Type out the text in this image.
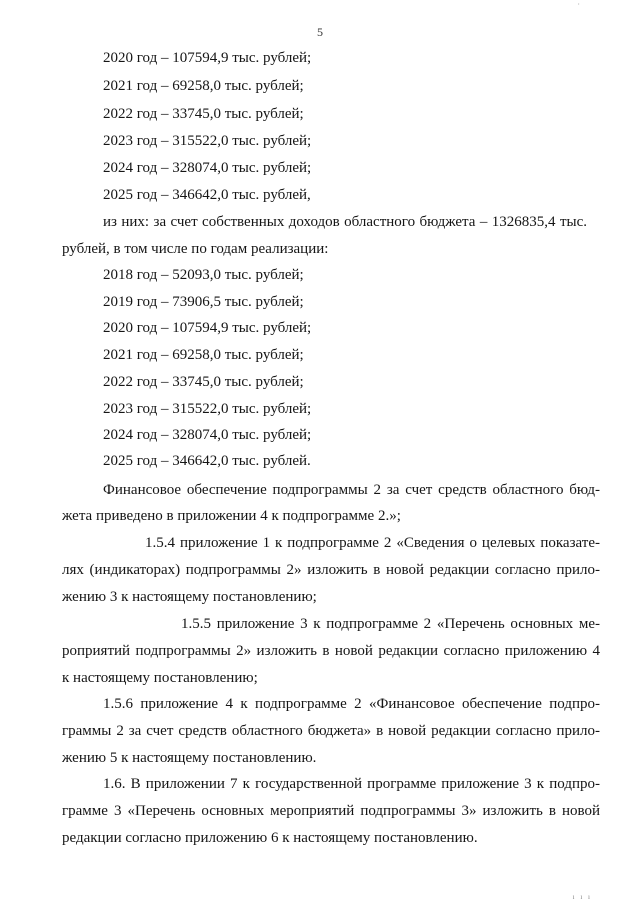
·
5
2020 год – 107594,9 тыс. рублей;
2021 год – 69258,0 тыс. рублей;
2022 год – 33745,0 тыс. рублей;
2023 год – 315522,0 тыс. рублей;
2024 год – 328074,0 тыс. рублей;
2025 год – 346642,0 тыс. рублей,
из них: за счет собственных доходов областного бюджета – 1326835,4 тыс.
рублей, в том числе по годам реализации:
2018 год – 52093,0 тыс. рублей;
2019 год – 73906,5 тыс. рублей;
2020 год – 107594,9 тыс. рублей;
2021 год – 69258,0 тыс. рублей;
2022 год – 33745,0 тыс. рублей;
2023 год – 315522,0 тыс. рублей;
2024 год – 328074,0 тыс. рублей;
2025 год – 346642,0 тыс. рублей.
Финансовое обеспечение подпрограммы 2 за счет средств областного бюд-
жета приведено в приложении 4 к подпрограмме 2.»;
1.5.4 приложение 1 к подпрограмме 2 «Сведения о целевых показате-
лях (индикаторах) подпрограммы 2» изложить в новой редакции согласно прило-
жению 3 к настоящему постановлению;
1.5.5 приложение 3 к подпрограмме 2 «Перечень основных ме-
роприятий подпрограммы 2» изложить в новой редакции согласно приложению 4
к настоящему постановлению;
1.5.6 приложение 4 к подпрограмме 2 «Финансовое обеспечение подпро-
граммы 2 за счет средств областного бюджета» в новой редакции согласно прило-
жению 5 к настоящему постановлению.
1.6. В приложении 7 к государственной программе приложение 3 к подпро-
грамме 3 «Перечень основных мероприятий подпрограммы 3» изложить в новой
редакции согласно приложению 6 к настоящему постановлению.
ı ı ı
